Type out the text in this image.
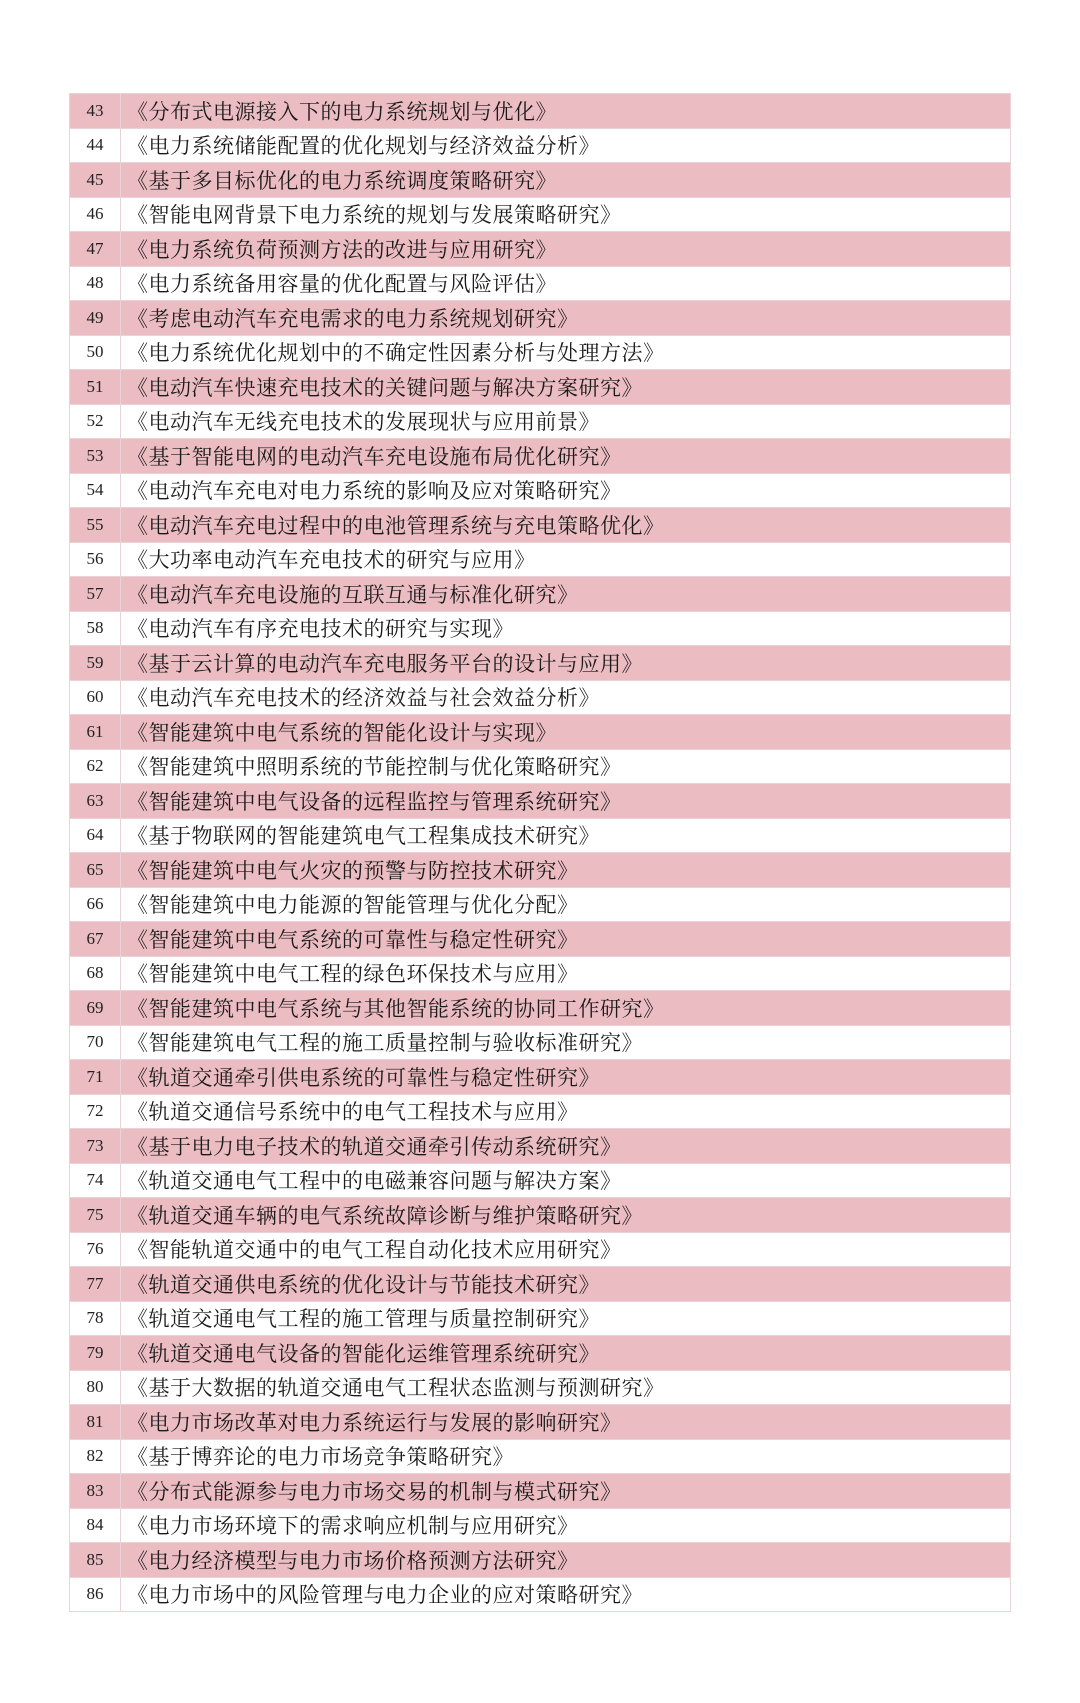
43	《分布式电源接入下的电力系统规划与优化》
44	《电力系统储能配置的优化规划与经济效益分析》
45	《基于多目标优化的电力系统调度策略研究》
46	《智能电网背景下电力系统的规划与发展策略研究》
47	《电力系统负荷预测方法的改进与应用研究》
48	《电力系统备用容量的优化配置与风险评估》
49	《考虑电动汽车充电需求的电力系统规划研究》
50	《电力系统优化规划中的不确定性因素分析与处理方法》
51	《电动汽车快速充电技术的关键问题与解决方案研究》
52	《电动汽车无线充电技术的发展现状与应用前景》
53	《基于智能电网的电动汽车充电设施布局优化研究》
54	《电动汽车充电对电力系统的影响及应对策略研究》
55	《电动汽车充电过程中的电池管理系统与充电策略优化》
56	《大功率电动汽车充电技术的研究与应用》
57	《电动汽车充电设施的互联互通与标准化研究》
58	《电动汽车有序充电技术的研究与实现》
59	《基于云计算的电动汽车充电服务平台的设计与应用》
60	《电动汽车充电技术的经济效益与社会效益分析》
61	《智能建筑中电气系统的智能化设计与实现》
62	《智能建筑中照明系统的节能控制与优化策略研究》
63	《智能建筑中电气设备的远程监控与管理系统研究》
64	《基于物联网的智能建筑电气工程集成技术研究》
65	《智能建筑中电气火灾的预警与防控技术研究》
66	《智能建筑中电力能源的智能管理与优化分配》
67	《智能建筑中电气系统的可靠性与稳定性研究》
68	《智能建筑中电气工程的绿色环保技术与应用》
69	《智能建筑中电气系统与其他智能系统的协同工作研究》
70	《智能建筑电气工程的施工质量控制与验收标准研究》
71	《轨道交通牵引供电系统的可靠性与稳定性研究》
72	《轨道交通信号系统中的电气工程技术与应用》
73	《基于电力电子技术的轨道交通牵引传动系统研究》
74	《轨道交通电气工程中的电磁兼容问题与解决方案》
75	《轨道交通车辆的电气系统故障诊断与维护策略研究》
76	《智能轨道交通中的电气工程自动化技术应用研究》
77	《轨道交通供电系统的优化设计与节能技术研究》
78	《轨道交通电气工程的施工管理与质量控制研究》
79	《轨道交通电气设备的智能化运维管理系统研究》
80	《基于大数据的轨道交通电气工程状态监测与预测研究》
81	《电力市场改革对电力系统运行与发展的影响研究》
82	《基于博弈论的电力市场竞争策略研究》
83	《分布式能源参与电力市场交易的机制与模式研究》
84	《电力市场环境下的需求响应机制与应用研究》
85	《电力经济模型与电力市场价格预测方法研究》
86	《电力市场中的风险管理与电力企业的应对策略研究》
